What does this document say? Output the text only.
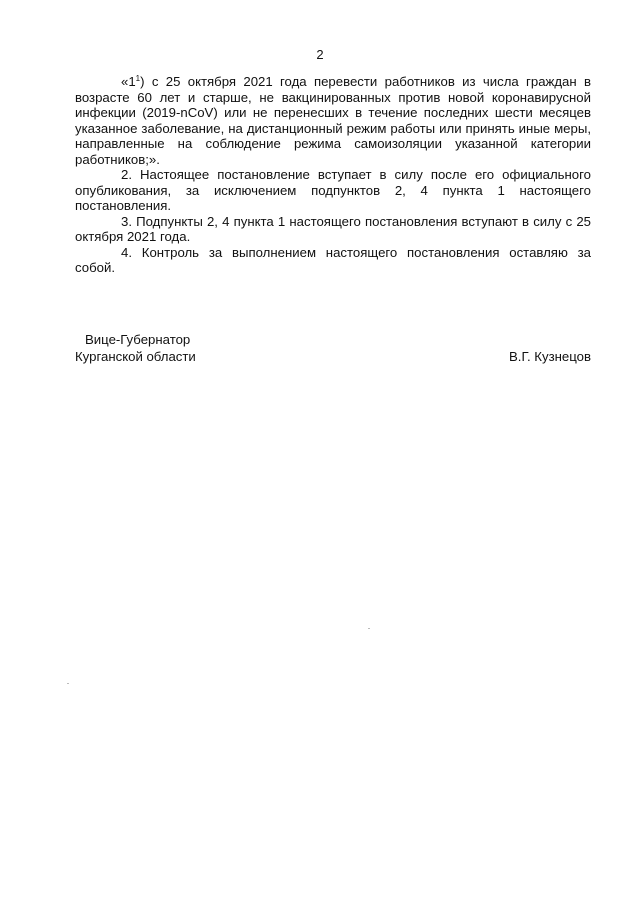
2

«$1^1$) с 25 октября 2021 года перевести работников из числа граждан в возрасте 60 лет и старше, не вакцинированных против новой коронавирусной инфекции (2019-nCoV) или не перенесших в течение последних шести месяцев указанное заболевание, на дистанционный режим работы или принять иные меры, направленные на соблюдение режима самоизоляции указанной категории работников;».

2. Настоящее постановление вступает в силу после его официального опубликования, за исключением подпунктов 2, 4 пункта 1 настоящего постановления.

3. Подпункты 2, 4 пункта 1 настоящего постановления вступают в силу с 25 октября 2021 года.

4. Контроль за выполнением настоящего постановления оставляю за собой.

Вице-Губернатор
Курганской области	В.Г. Кузнецов
